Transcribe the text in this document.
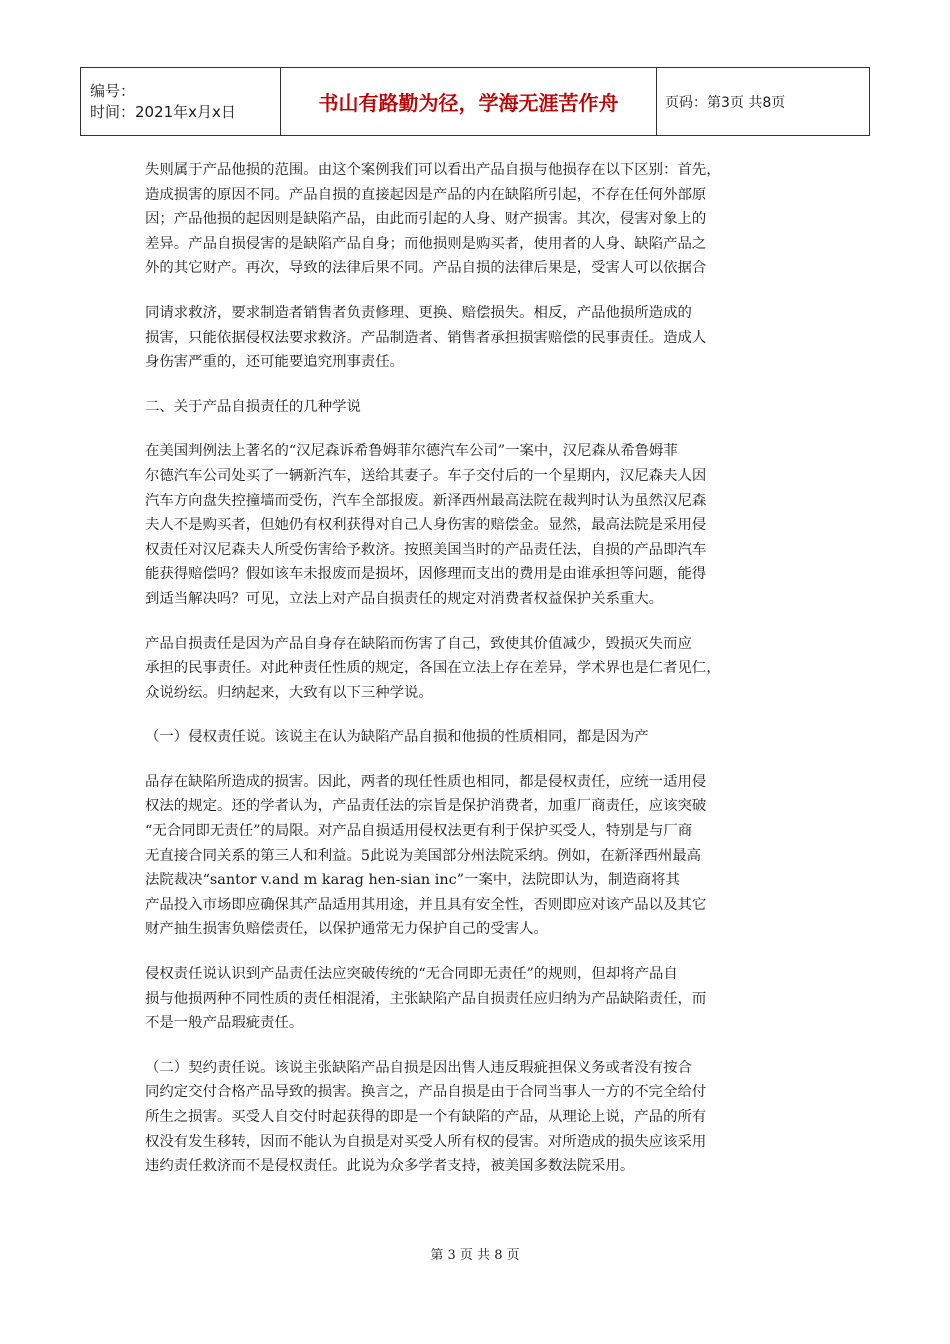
编号：
时间：2021年x月x日	书山有路勤为径，学海无涯苦作舟	页码：第3页 共8页

失则属于产品他损的范围。由这个案例我们可以看出产品自损与他损存在以下区别：首先，
造成损害的原因不同。产品自损的直接起因是产品的内在缺陷所引起，不存在任何外部原
因；产品他损的起因则是缺陷产品，由此而引起的人身、财产损害。其次，侵害对象上的
差异。产品自损侵害的是缺陷产品自身；而他损则是购买者，使用者的人身、缺陷产品之
外的其它财产。再次，导致的法律后果不同。产品自损的法律后果是，受害人可以依据合

同请求救济，要求制造者销售者负责修理、更换、赔偿损失。相反，产品他损所造成的
损害，只能依据侵权法要求救济。产品制造者、销售者承担损害赔偿的民事责任。造成人
身伤害严重的，还可能要追究刑事责任。

二、关于产品自损责任的几种学说

在美国判例法上著名的“汉尼森诉希鲁姆菲尔德汽车公司”一案中，汉尼森从希鲁姆菲
尔德汽车公司处买了一辆新汽车，送给其妻子。车子交付后的一个星期内，汉尼森夫人因
汽车方向盘失控撞墙而受伤，汽车全部报废。新泽西州最高法院在裁判时认为虽然汉尼森
夫人不是购买者，但她仍有权利获得对自己人身伤害的赔偿金。显然，最高法院是采用侵
权责任对汉尼森夫人所受伤害给予救济。按照美国当时的产品责任法，自损的产品即汽车
能获得赔偿吗？假如该车未报废而是损坏，因修理而支出的费用是由谁承担等问题，能得
到适当解决吗？可见，立法上对产品自损责任的规定对消费者权益保护关系重大。

产品自损责任是因为产品自身存在缺陷而伤害了自己，致使其价值减少，毁损灭失而应
承担的民事责任。对此种责任性质的规定，各国在立法上存在差异，学术界也是仁者见仁，
众说纷纭。归纳起来，大致有以下三种学说。

（一）侵权责任说。该说主在认为缺陷产品自损和他损的性质相同，都是因为产

品存在缺陷所造成的损害。因此，两者的现任性质也相同，都是侵权责任，应统一适用侵
权法的规定。还的学者认为，产品责任法的宗旨是保护消费者，加重厂商责任，应该突破
“无合同即无责任”的局限。对产品自损适用侵权法更有利于保护买受人，特别是与厂商
无直接合同关系的第三人和利益。5此说为美国部分州法院采纳。例如，在新泽西州最高
法院裁决“santor v.and m karag hen-sian inc”一案中，法院即认为，制造商将其
产品投入市场即应确保其产品适用其用途，并且具有安全性，否则即应对该产品以及其它
财产抽生损害负赔偿责任，以保护通常无力保护自己的受害人。

侵权责任说认识到产品责任法应突破传统的“无合同即无责任”的规则，但却将产品自
损与他损两种不同性质的责任相混淆，主张缺陷产品自损责任应归纳为产品缺陷责任，而
不是一般产品瑕疵责任。

（二）契约责任说。该说主张缺陷产品自损是因出售人违反瑕疵担保义务或者没有按合
同约定交付合格产品导致的损害。换言之，产品自损是由于合同当事人一方的不完全给付
所生之损害。买受人自交付时起获得的即是一个有缺陷的产品，从理论上说，产品的所有
权没有发生移转，因而不能认为自损是对买受人所有权的侵害。对所造成的损失应该采用
违约责任救济而不是侵权责任。此说为众多学者支持，被美国多数法院采用。

第 3 页 共 8 页
